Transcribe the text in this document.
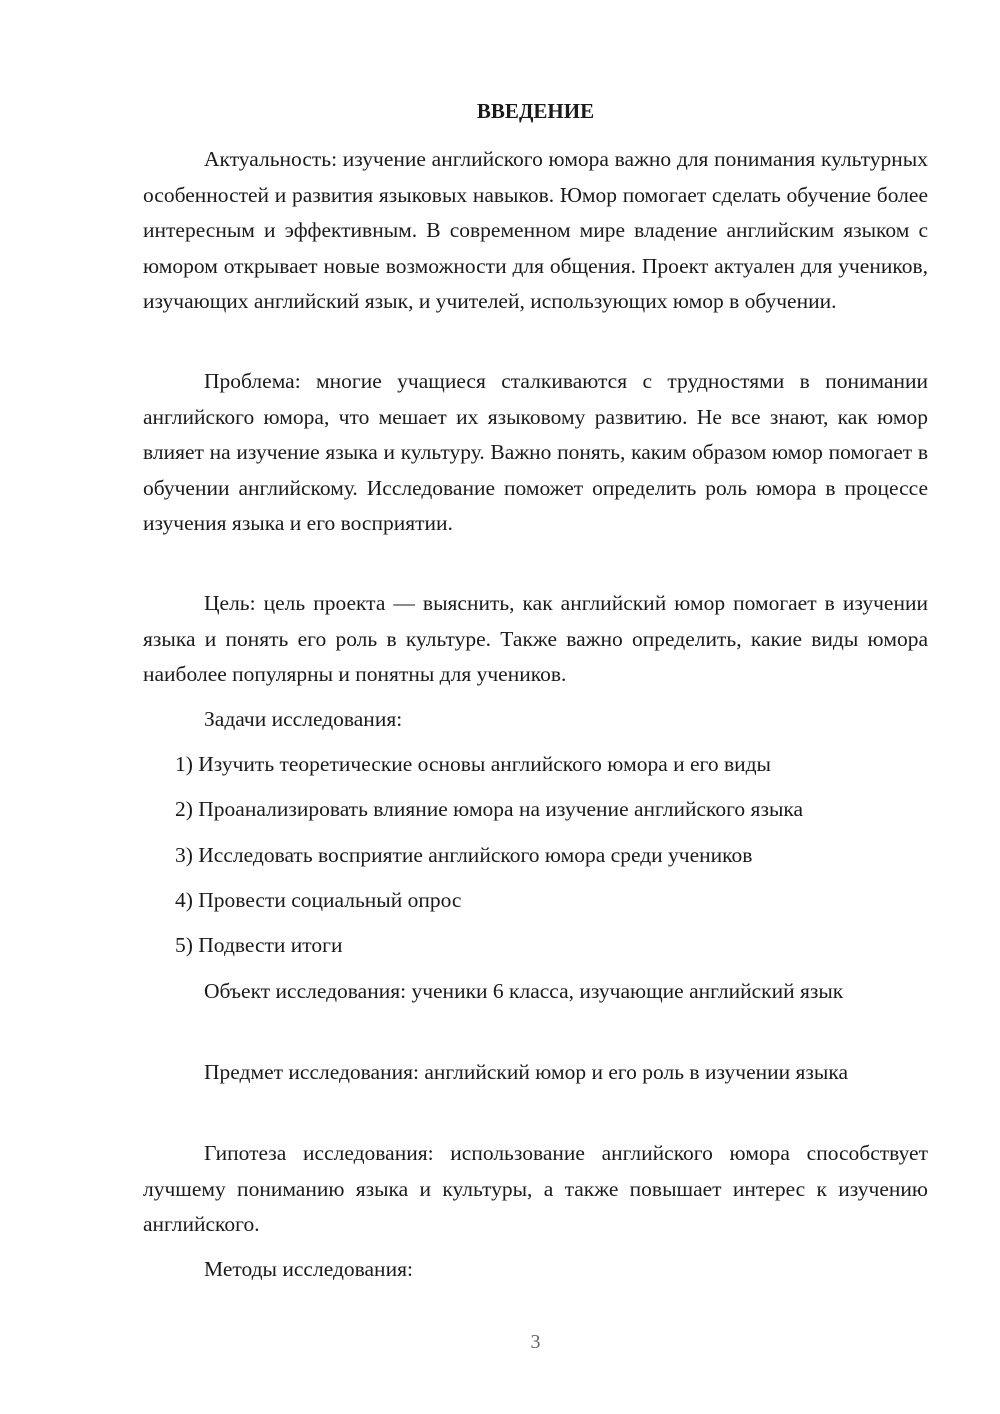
ВВЕДЕНИЕ
Актуальность: изучение английского юмора важно для понимания культурных особенностей и развития языковых навыков. Юмор помогает сделать обучение более интересным и эффективным. В современном мире владение английским языком с юмором открывает новые возможности для общения. Проект актуален для учеников, изучающих английский язык, и учителей, использующих юмор в обучении.
Проблема: многие учащиеся сталкиваются с трудностями в понимании английского юмора, что мешает их языковому развитию. Не все знают, как юмор влияет на изучение языка и культуру. Важно понять, каким образом юмор помогает в обучении английскому. Исследование поможет определить роль юмора в процессе изучения языка и его восприятии.
Цель: цель проекта — выяснить, как английский юмор помогает в изучении языка и понять его роль в культуре. Также важно определить, какие виды юмора наиболее популярны и понятны для учеников.
Задачи исследования:
1) Изучить теоретические основы английского юмора и его виды
2) Проанализировать влияние юмора на изучение английского языка
3) Исследовать восприятие английского юмора среди учеников
4) Провести социальный опрос
5) Подвести итоги
Объект исследования: ученики 6 класса, изучающие английский язык
Предмет исследования: английский юмор и его роль в изучении языка
Гипотеза исследования: использование английского юмора способствует лучшему пониманию языка и культуры, а также повышает интерес к изучению английского.
Методы исследования:
3
